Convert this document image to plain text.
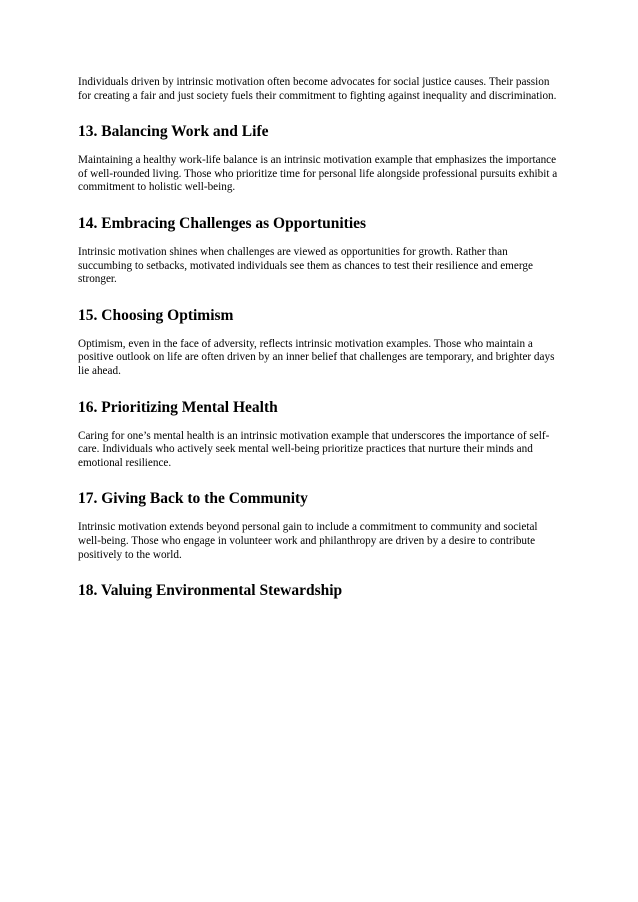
Individuals driven by intrinsic motivation often become advocates for social justice causes. Their passion
for creating a fair and just society fuels their commitment to fighting against inequality and discrimination.

13. Balancing Work and Life

Maintaining a healthy work-life balance is an intrinsic motivation example that emphasizes the importance
of well-rounded living. Those who prioritize time for personal life alongside professional pursuits exhibit a
commitment to holistic well-being.

14. Embracing Challenges as Opportunities

Intrinsic motivation shines when challenges are viewed as opportunities for growth. Rather than
succumbing to setbacks, motivated individuals see them as chances to test their resilience and emerge
stronger.

15. Choosing Optimism

Optimism, even in the face of adversity, reflects intrinsic motivation examples. Those who maintain a
positive outlook on life are often driven by an inner belief that challenges are temporary, and brighter days
lie ahead.

16. Prioritizing Mental Health

Caring for one’s mental health is an intrinsic motivation example that underscores the importance of self-
care. Individuals who actively seek mental well-being prioritize practices that nurture their minds and
emotional resilience.

17. Giving Back to the Community

Intrinsic motivation extends beyond personal gain to include a commitment to community and societal
well-being. Those who engage in volunteer work and philanthropy are driven by a desire to contribute
positively to the world.

18. Valuing Environmental Stewardship
